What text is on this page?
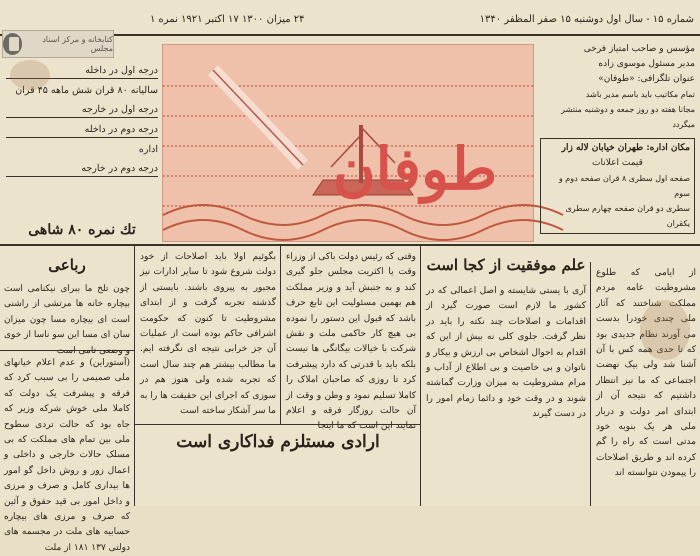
شماره ۱۵ - سال اول دوشنبه ۱۵ صفر المظفر ۱۳۴۰
۲۴ میزان ۱۳۰۰ ۱۷ اکتبر ۱۹۲۱ نمره ۱
کتابخانه و مرکز اسناد مجلس
درجه اول در داخله
سالیانه ۸۰ قران شش ماهه ۴۵ قران
درجه اول در خارجه
درجه دوم در داخله
اداره
درجه دوم در خارجه
تك نمره ۸۰ شاهی
طوفان
مؤسس و صاحب امتیاز فرخی
مدیر مسئول موسوی زاده
عنوان تلگرافی: «طوفان»
تمام مکاتیب باید باسم مدیر باشد
مجانا هفته دو روز جمعه و دوشنبه منتشر میگردد
مکان اداره: طهران خیابان لاله زار
قیمت اعلانات
صفحه اول سطری ۸ قران صفحه دوم و سوم
سطری دو قران صفحه چهارم سطری یکقران
رباعی
چون تلخ ما ببرای نیکنامی است بیچاره خانه ها مرتشی از راشنی است ای بیچاره مسا چون میزان سان ای مسا این سو ناسا از خوی و وضعی تامی است
(آستوراین) و عدم اعلام خیانهای ملی صمیمی را بی سبب کرد که فرقه و پیشرفت یک دولت که کاملا ملی خوش شرکه وزیر که جاه بود که حالت تردی سطوح ملی بین تمام های مملکت که بی مسلک حالات خارجی و داخلی و اعمال زور و روش داخل گو امور ها بیداری کامل و صرف و مرزی و داخل امور بی قید حقوق و آئین که صرف و مرزی های بیچاره حسابیه های ملت در مجسمه های دولتی ۱۳۷ ۱۸۱ از ملت
بگوئیم اولا باید اصلاحات از خود دولت شروع شود تا سایر ادارات نیز مجبور به پیروی باشند. بایستی از گذشته تجربه گرفت و از ابتدای مشروطیت تا کنون که حکومت اشرافی حاکم بوده است از عملیات آن جز خرابی نتیجه ای نگرفته ایم. ما مطالب بیشتر هم چند سال است که تجربه شده ولی هنوز هم در سوزی که اجرای این حقیقت ها را به ما سر آشکار ساخته است
وقتی که رئیس دولت باکی از وزراء وقت یا اکثریت مجلس جلو گیری کند و به جنبش آید و وزیر مملکت هم بهمین مسئولیت این تابع حرف باشد که قبول این دستور را نموده بی هیچ کار حاکمی ملت و نقش شرکت با خیالات بیگانگی ها نیست بلکه باید با قدرتی که دارد پیشرفت کرد تا روزی که صاحبان املاک را کاملا تسلیم نمود و وطن و وقت از آن حالت روزگار فرقه و اعلام نمایند این است که ما اینجا
ارادی مستلزم فداکاری است
علم موفقیت از کجا است
آری با یستی شایسته و اصل اعمالی که در کشور ما لازم است صورت گیرد از اقدامات و اصلاحات چند نکته را باید در نظر گرفت. جلوی کلی نه بیش از این که اقدام به احوال اشخاص بی ارزش و بیکار و ناتوان و بی خاصیت و بی اطلاع از آداب و مرام مشروطیت به میزان وزارت گماشته شوند و در وقت خود و دائما زمام امور را در دست گیرند
از ایامی که طلوع مشروطیت عامه مردم مملکت شناختند که آثار ملی چندی خودرا بدست می آورند نظام جدیدی بود که تا حدی همه کس با آن آشنا شد ولی بیک نهضت اجتماعی که ما نیز انتظار داشتیم که نتیجه آن از ابتدای امر دولت و دربار ملی هر یک بنوبه خود مدتی است که راه را گم کرده اند و طریق اصلاحات را پیمودن نتوانسته اند
